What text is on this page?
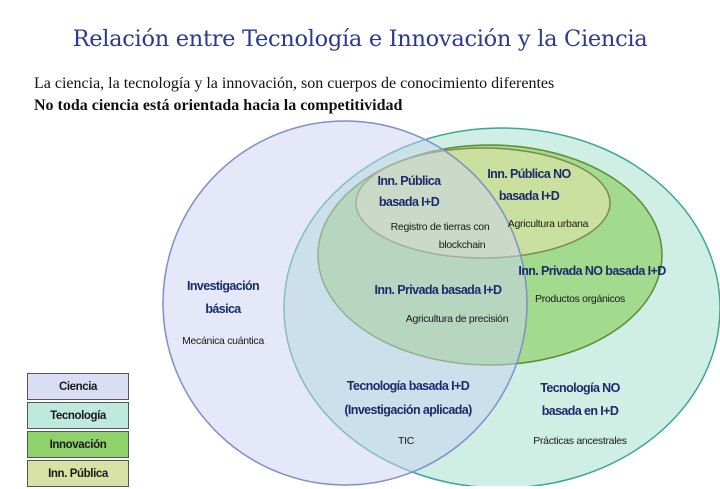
Relación entre Tecnología e Innovación y la Ciencia
La ciencia, la tecnología y la innovación, son cuerpos de conocimiento diferentes
No toda ciencia está orientada hacia la competitividad
Investigación
básica
Mecánica cuántica
Inn. Pública
basada I+D
Registro de tierras con
blockchain
Inn. Pública NO
basada I+D
Agricultura urbana
Inn. Privada basada I+D
Agricultura de precisión
Inn. Privada NO basada I+D
Productos orgánicos
Tecnología basada I+D
(Investigación aplicada)
TIC
Tecnología NO
basada en I+D
Prácticas ancestrales
Ciencia
Tecnología
Innovación
Inn. Pública
